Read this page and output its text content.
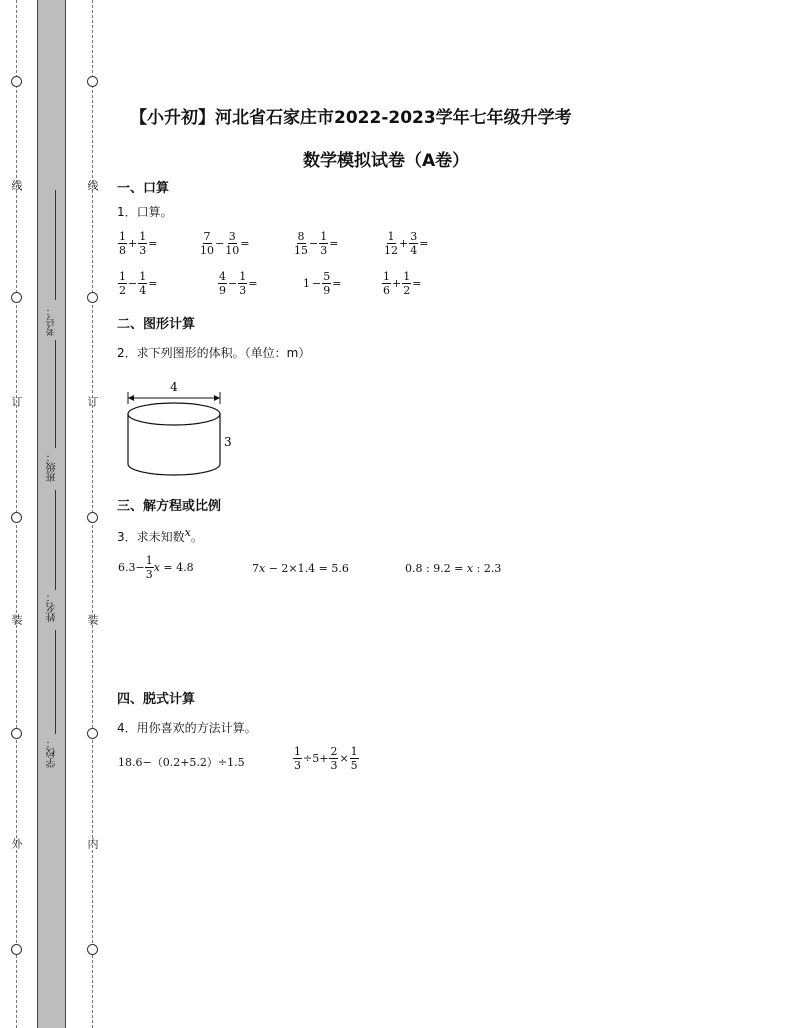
线
订
装
外
线
订
装
内
考号：
班级：
姓名：
学校：
【小升初】河北省石家庄市2022-2023学年七年级升学考
数学模拟试卷（A卷）
一、口算
1．口算。
$\frac{1}{8} + \frac{1}{3}$ =	$\frac{7}{10} - \frac{3}{10}$ =	$\frac{8}{15} - \frac{1}{3}$ =	$\frac{1}{12} + \frac{3}{4}$ =
$\frac{1}{2} - \frac{1}{4}$ =	$\frac{4}{9} - \frac{1}{3}$ =	$1 - \frac{5}{9}$ =	$\frac{1}{6} + \frac{1}{2}$ =
二、图形计算
2．求下列图形的体积。（单位：m）
4
3
三、解方程或比例
3．求未知数x。
$6.3- \frac{1}{3}$ x = 4.8	7 x − 2×1.4 = 5.6	0.8 : 9.2 = x : 2.3
四、脱式计算
4．用你喜欢的方法计算。
18.6−（0.2+5.2）÷1.5	$\frac{1}{3} \div 5+ \frac{2}{3} \times \frac{1}{5}$
